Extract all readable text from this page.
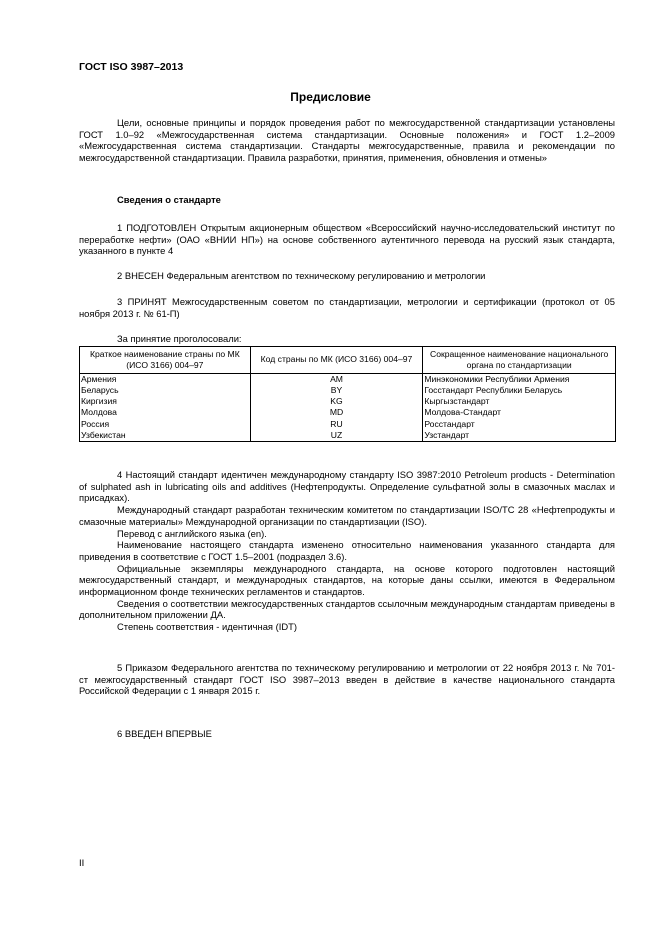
ГОСТ ISO 3987–2013
Предисловие

Цели, основные принципы и порядок проведения работ по межгосударственной стандартизации установлены ГОСТ 1.0–92 «Межгосударственная система стандартизации. Основные положения» и ГОСТ 1.2–2009 «Межгосударственная система стандартизации. Стандарты межгосударственные, правила и рекомендации по межгосударственной стандартизации. Правила разработки, принятия, применения, обновления и отмены»

Сведения о стандарте

1 ПОДГОТОВЛЕН Открытым акционерным обществом «Всероссийский научно-исследовательский институт по переработке нефти» (ОАО «ВНИИ НП») на основе собственного аутентичного перевода на русский язык стандарта, указанного в пункте 4

2 ВНЕСЕН Федеральным агентством по техническому регулированию и метрологии

3 ПРИНЯТ Межгосударственным советом по стандартизации, метрологии и сертификации (протокол от 05 ноября 2013 г. № 61-П)

За принятие проголосовали:
Краткое наименование страны по МК (ИСО 3166) 004–97	Код страны по МК (ИСО 3166) 004–97	Сокращенное наименование национального органа по стандартизации
Армения	AM	Минэкономики Республики Армения
Беларусь	BY	Госстандарт Республики Беларусь
Киргизия	KG	Кыргызстандарт
Молдова	MD	Молдова-Стандарт
Россия	RU	Росстандарт
Узбекистан	UZ	Узстандарт

4 Настоящий стандарт идентичен международному стандарту ISO 3987:2010 Petroleum products - Determination of sulphated ash in lubricating oils and additives (Нефтепродукты. Определение сульфатной золы в смазочных маслах и присадках).

Международный стандарт разработан техническим комитетом по стандартизации ISO/TC 28 «Нефтепродукты и смазочные материалы» Международной организации по стандартизации (ISO).

Перевод с английского языка (en).

Наименование настоящего стандарта изменено относительно наименования указанного стандарта для приведения в соответствие с ГОСТ 1.5–2001 (подраздел 3.6).

Официальные экземпляры международного стандарта, на основе которого подготовлен настоящий межгосударственный стандарт, и международных стандартов, на которые даны ссылки, имеются в Федеральном информационном фонде технических регламентов и стандартов.

Сведения о соответствии межгосударственных стандартов ссылочным международным стандартам приведены в дополнительном приложении ДА.

Степень соответствия - идентичная (IDT)

5 Приказом Федерального агентства по техническому регулированию и метрологии от 22 ноября 2013 г. № 701-ст межгосударственный стандарт ГОСТ ISO 3987–2013 введен в действие в качестве национального стандарта Российской Федерации с 1 января 2015 г.

6 ВВЕДЕН ВПЕРВЫЕ

II
